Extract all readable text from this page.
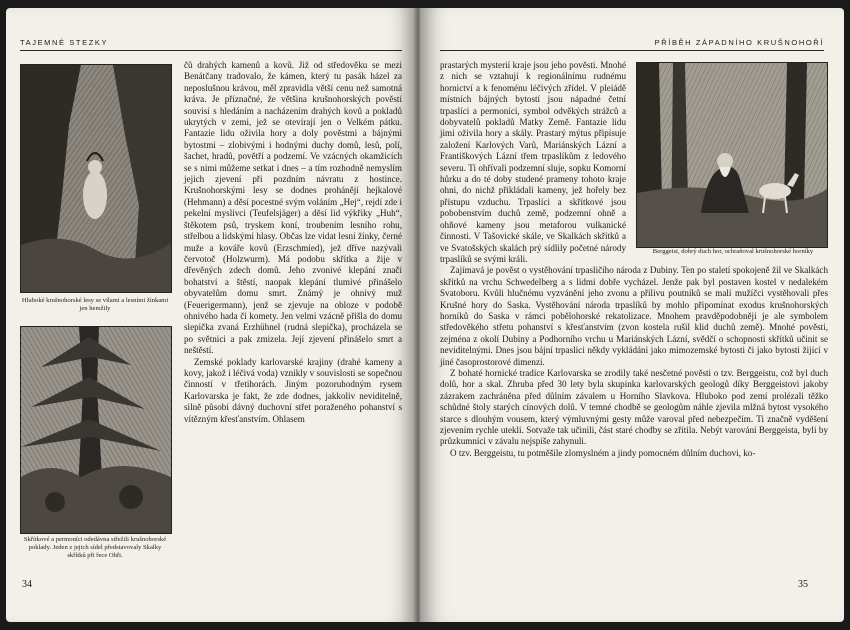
TAJEMNÉ STEZKY
Hluboké krušnohorské lesy se vílami a lesními žínkami jen hemžily
Skřítkové a permoníci odedávna střežili krušnohorské poklady. Jeden z jejich sídel představovaly Skalky skřítků při řece Ohři.

čů drahých kamenů a kovů. Již od středověku se mezi Benátčany tradovalo, že kámen, který tu pasák házel za neposlušnou krávou, měl zpravidla větší cenu než samotná kráva. Je příznačné, že většina krušnohorských pověstí souvisí s hledáním a nacházením drahých kovů a pokladů ukrytých v zemi, jež se otevírají jen o Velkém pátku. Fantazie lidu oživila hory a doly pověstmi a bájnými bytostmi – zlobivými i hodnými duchy domů, lesů, polí, šachet, hradů, povětří a podzemí. Ve vzácných okamžicích se s nimi můžeme setkat i dnes – a tím rozhodně nemyslím jejich zjevení při pozdním návratu z hostince. Krušnohorskými lesy se dodnes prohánějí hejkalové (Hehmann) a děsí pocestné svým voláním „Hej“, rejdí zde i pekelní myslivci (Teufelsjäger) a děsí lid výkřiky „Huh“, štěkotem psů, tryskem koní, troubením lesního rohu, střelbou a lidskými hlasy. Občas lze vidat lesní žínky, černé muže a kováře kovů (Erzschmied), jež dříve nazývali červotoč (Holzwurm). Má podobu skřítka a žije v dřevěných zdech domů. Jeho zvonivé klepání značí bohatství a štěstí, naopak klepání tlumivé přinášelo obyvatelům domu smrt. Známý je ohnivý muž (Feuerigermann), jenž se zjevuje na obloze v podobě ohnivého hada či komety. Jen velmi vzácně přišla do domu slepička zvaná Erzhühnel (rudná slepička), procházela se po světnici a pak zmizela. Její zjevení přinášelo smrt a neštěstí.

Zemské poklady karlovarské krajiny (drahé kameny a kovy, jakož i léčivá voda) vznikly v souvislosti se sopečnou činností v třetihorách. Jiným pozoruhodným rysem Karlovarska je fakt, že zde dodnes, jakkoliv neviditelně, silně působí dávný duchovní střet poraženého pohanství s vítězným křesťanstvím. Ohlasem

34
PŘÍBĚH ZÁPADNÍHO KRUŠNOHOŘÍ

prastarých mysterií kraje jsou jeho pověsti. Mnohé z nich se vztahují k regionálnímu rudnému hornictví a k fenoménu léčivých zřídel. V pleiádě místních bájných bytostí jsou nápadné četní trpaslíci a permoníci, symbol odvěkých strážců a dobyvatelů pokladů Matky Země. Fantazie lidu jimi oživila hory a skály. Prastarý mýtus připisuje založení Karlových Varů, Mariánských Lázní a Františkových Lázní třem trpaslíkům z ledového severu. Ti ohřívali podzemní sluje, sopku Komorní hůrku a do té doby studené prameny tohoto kraje ohni, do nichž přikládali kameny, jež hořely bez přístupu vzduchu. Trpaslíci a skřítkové jsou pobobenstvím duchů země, podzemní ohně a ohňové kameny jsou metaforou vulkanické činnosti. V Tašovické skále, ve Skalkách skřítků a ve Svatošských skalách prý sídlily početné národy trpaslíků se svými králi.

Zajímavá je pověst o vystěhování trpasličího národa z Dubiny. Ten po staletí spokojeně žil ve Skalkách skřítků na vrchu Schwedelberg a s lidmi dobře vycházel. Jenže pak byl postaven kostel v nedalekém Svatoboru. Kvůli hlučnému vyzvánění jeho zvonu a přílivu poutníků se malí mužíčci vystěhovali přes Krušné hory do Saska. Vystěhování národa trpaslíků by mohlo připomínat exodus krušnohorských horníků do Saska v rámci pobělohorské rekatolizace. Mnohem pravděpodobněji je ale symbolem středověkého střetu pohanství s křesťanstvím (zvon kostela rušil klid duchů země). Mnohé pověsti, zejména z okolí Dubiny a Podhorního vrchu u Mariánských Lázní, svědčí o schopnosti skřítků učinit se neviditelnými. Dnes jsou bájní trpaslíci někdy vykládáni jako mimozemské bytosti či jako bytosti žijící v jiné časoprostorové dimenzi.

Z bohaté hornické tradice Karlovarska se zrodily také nesčetné pověsti o tzv. Berggeistu, což byl duch dolů, hor a skal. Zhruba před 30 lety byla skupinka karlovarských geologů díky Berggeistovi jakoby zázrakem zachráněna před důlním závalem u Horního Slavkova. Hluboko pod zemí prolézali těžko schůdné štoly starých cínových dolů. V temné chodbě se geologům náhle zjevila mlžná bytost vysokého starce s dlouhým vousem, který výmluvnými gesty může varoval před nebezpečím. Ti značně vyděšení zjevením rychle utekli. Sotvaže tak učinili, část staré chodby se zřítila. Nebýt varování Berggeista, byli by průzkumníci v závalu nejspíše zahynuli.

O tzv. Berggeistu, tu potměšile zlomyslném a jindy pomocném důlním duchovi, ko-

Berggeist, dobrý duch hor, ochraňoval krušnohorské horníky
35
